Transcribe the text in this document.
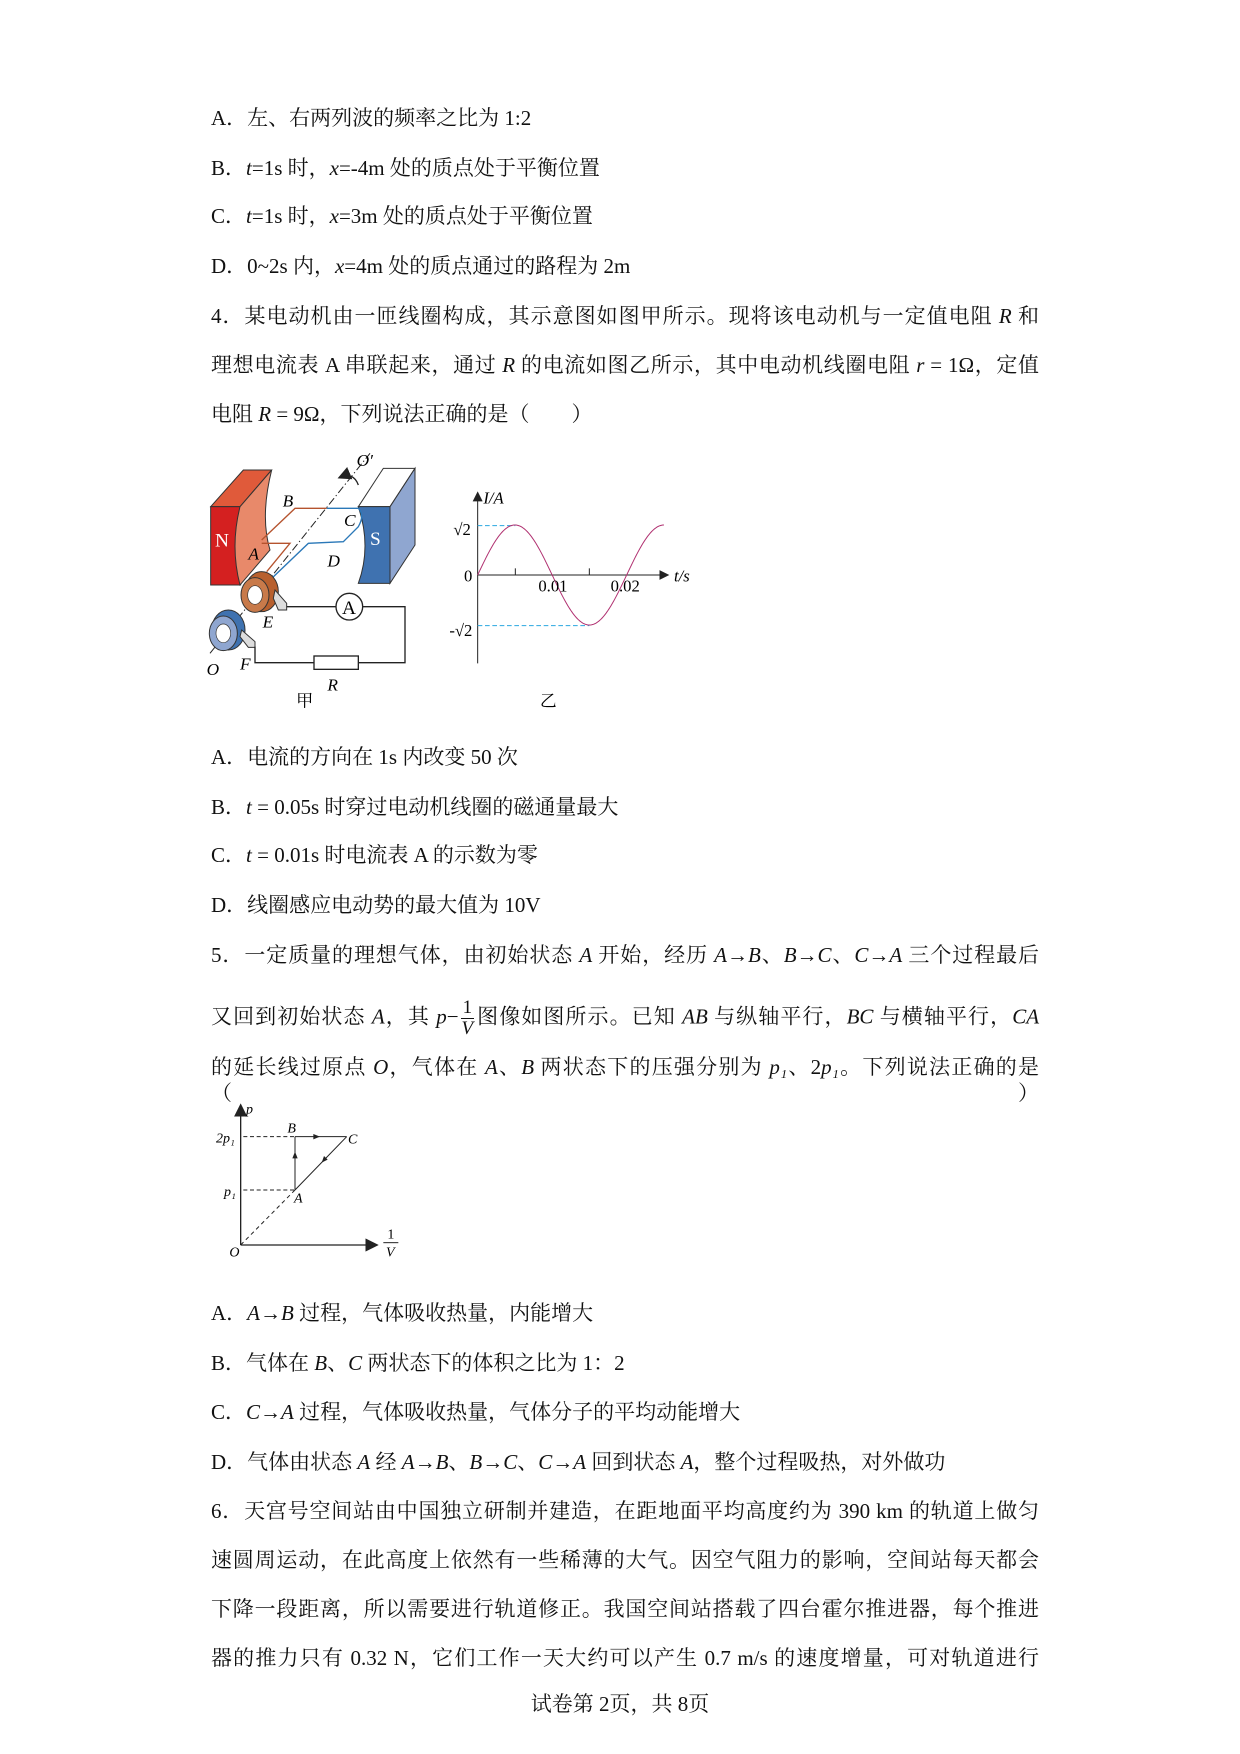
A．左、右两列波的频率之比为 1:2
B．t=1s 时，x=-4m 处的质点处于平衡位置
C．t=1s 时，x=3m 处的质点处于平衡位置
D．0~2s 内，x=4m 处的质点通过的路程为 2m
4．某电动机由一匝线圈构成，其示意图如图甲所示。现将该电动机与一定值电阻 R 和
理想电流表 A 串联起来，通过 R 的电流如图乙所示，其中电动机线圈电阻 r = 1Ω，定值
电阻 R = 9Ω，下列说法正确的是（　　）
N S
A
B
C
A D
E
F
O
O′
R
甲
I/A
√2
0
0.01 0.02
t/s
-√2
乙
A．电流的方向在 1s 内改变 50 次
B．t = 0.05s 时穿过电动机线圈的磁通量最大
C．t = 0.01s 时电流表 A 的示数为零
D．线圈感应电动势的最大值为 10V
5．一定质量的理想气体，由初始状态 A 开始，经历 A→B、B→C、C→A 三个过程最后
又回到初始状态 A，其 $p- \frac{1}{V}$ 图像如图所示。已知 AB 与纵轴平行，BC 与横轴平行，CA
的延长线过原点 O，气体在 A、B 两状态下的压强分别为 p₁、2p₁。下列说法正确的是（　　）
p
2p₁
p₁
O
1
V
B
C
A
A．A→B 过程，气体吸收热量，内能增大
B．气体在 B、C 两状态下的体积之比为 1：2
C．C→A 过程，气体吸收热量，气体分子的平均动能增大
D．气体由状态 A 经 A→B、B→C、C→A 回到状态 A，整个过程吸热，对外做功
6．天宫号空间站由中国独立研制并建造，在距地面平均高度约为 390 km 的轨道上做匀
速圆周运动，在此高度上依然有一些稀薄的大气。因空气阻力的影响，空间站每天都会
下降一段距离，所以需要进行轨道修正。我国空间站搭载了四台霍尔推进器，每个推进
器的推力只有 0.32 N，它们工作一天大约可以产生 0.7 m/s 的速度增量，可对轨道进行
试卷第 2页，共 8页
